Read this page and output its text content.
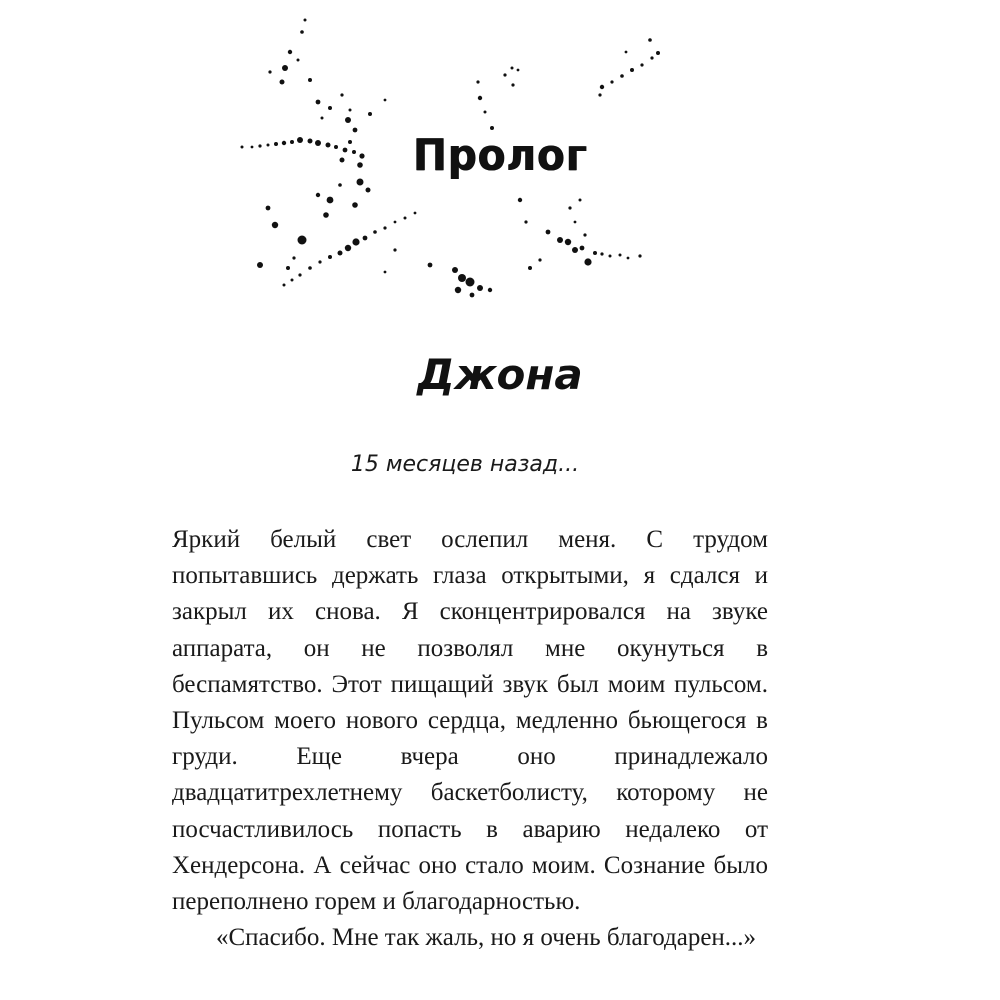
Пролог
Джона
15 месяцев назад...

Яркий белый свет ослепил меня. С трудом попытавшись держать глаза открытыми, я сдался и закрыл их снова. Я сконцентрировался на звуке аппарата, он не позволял мне окунуться в беспамятство. Этот пищащий звук был моим пульсом. Пульсом моего нового сердца, медленно бьющегося в груди. Еще вчера оно принадлежало двадцатитрехлетнему баскетболисту, которому не посчастливилось попасть в аварию недалеко от Хендерсона. А сейчас оно стало моим. Сознание было переполнено горем и благодарностью.

«Спасибо. Мне так жаль, но я очень благодарен...»
